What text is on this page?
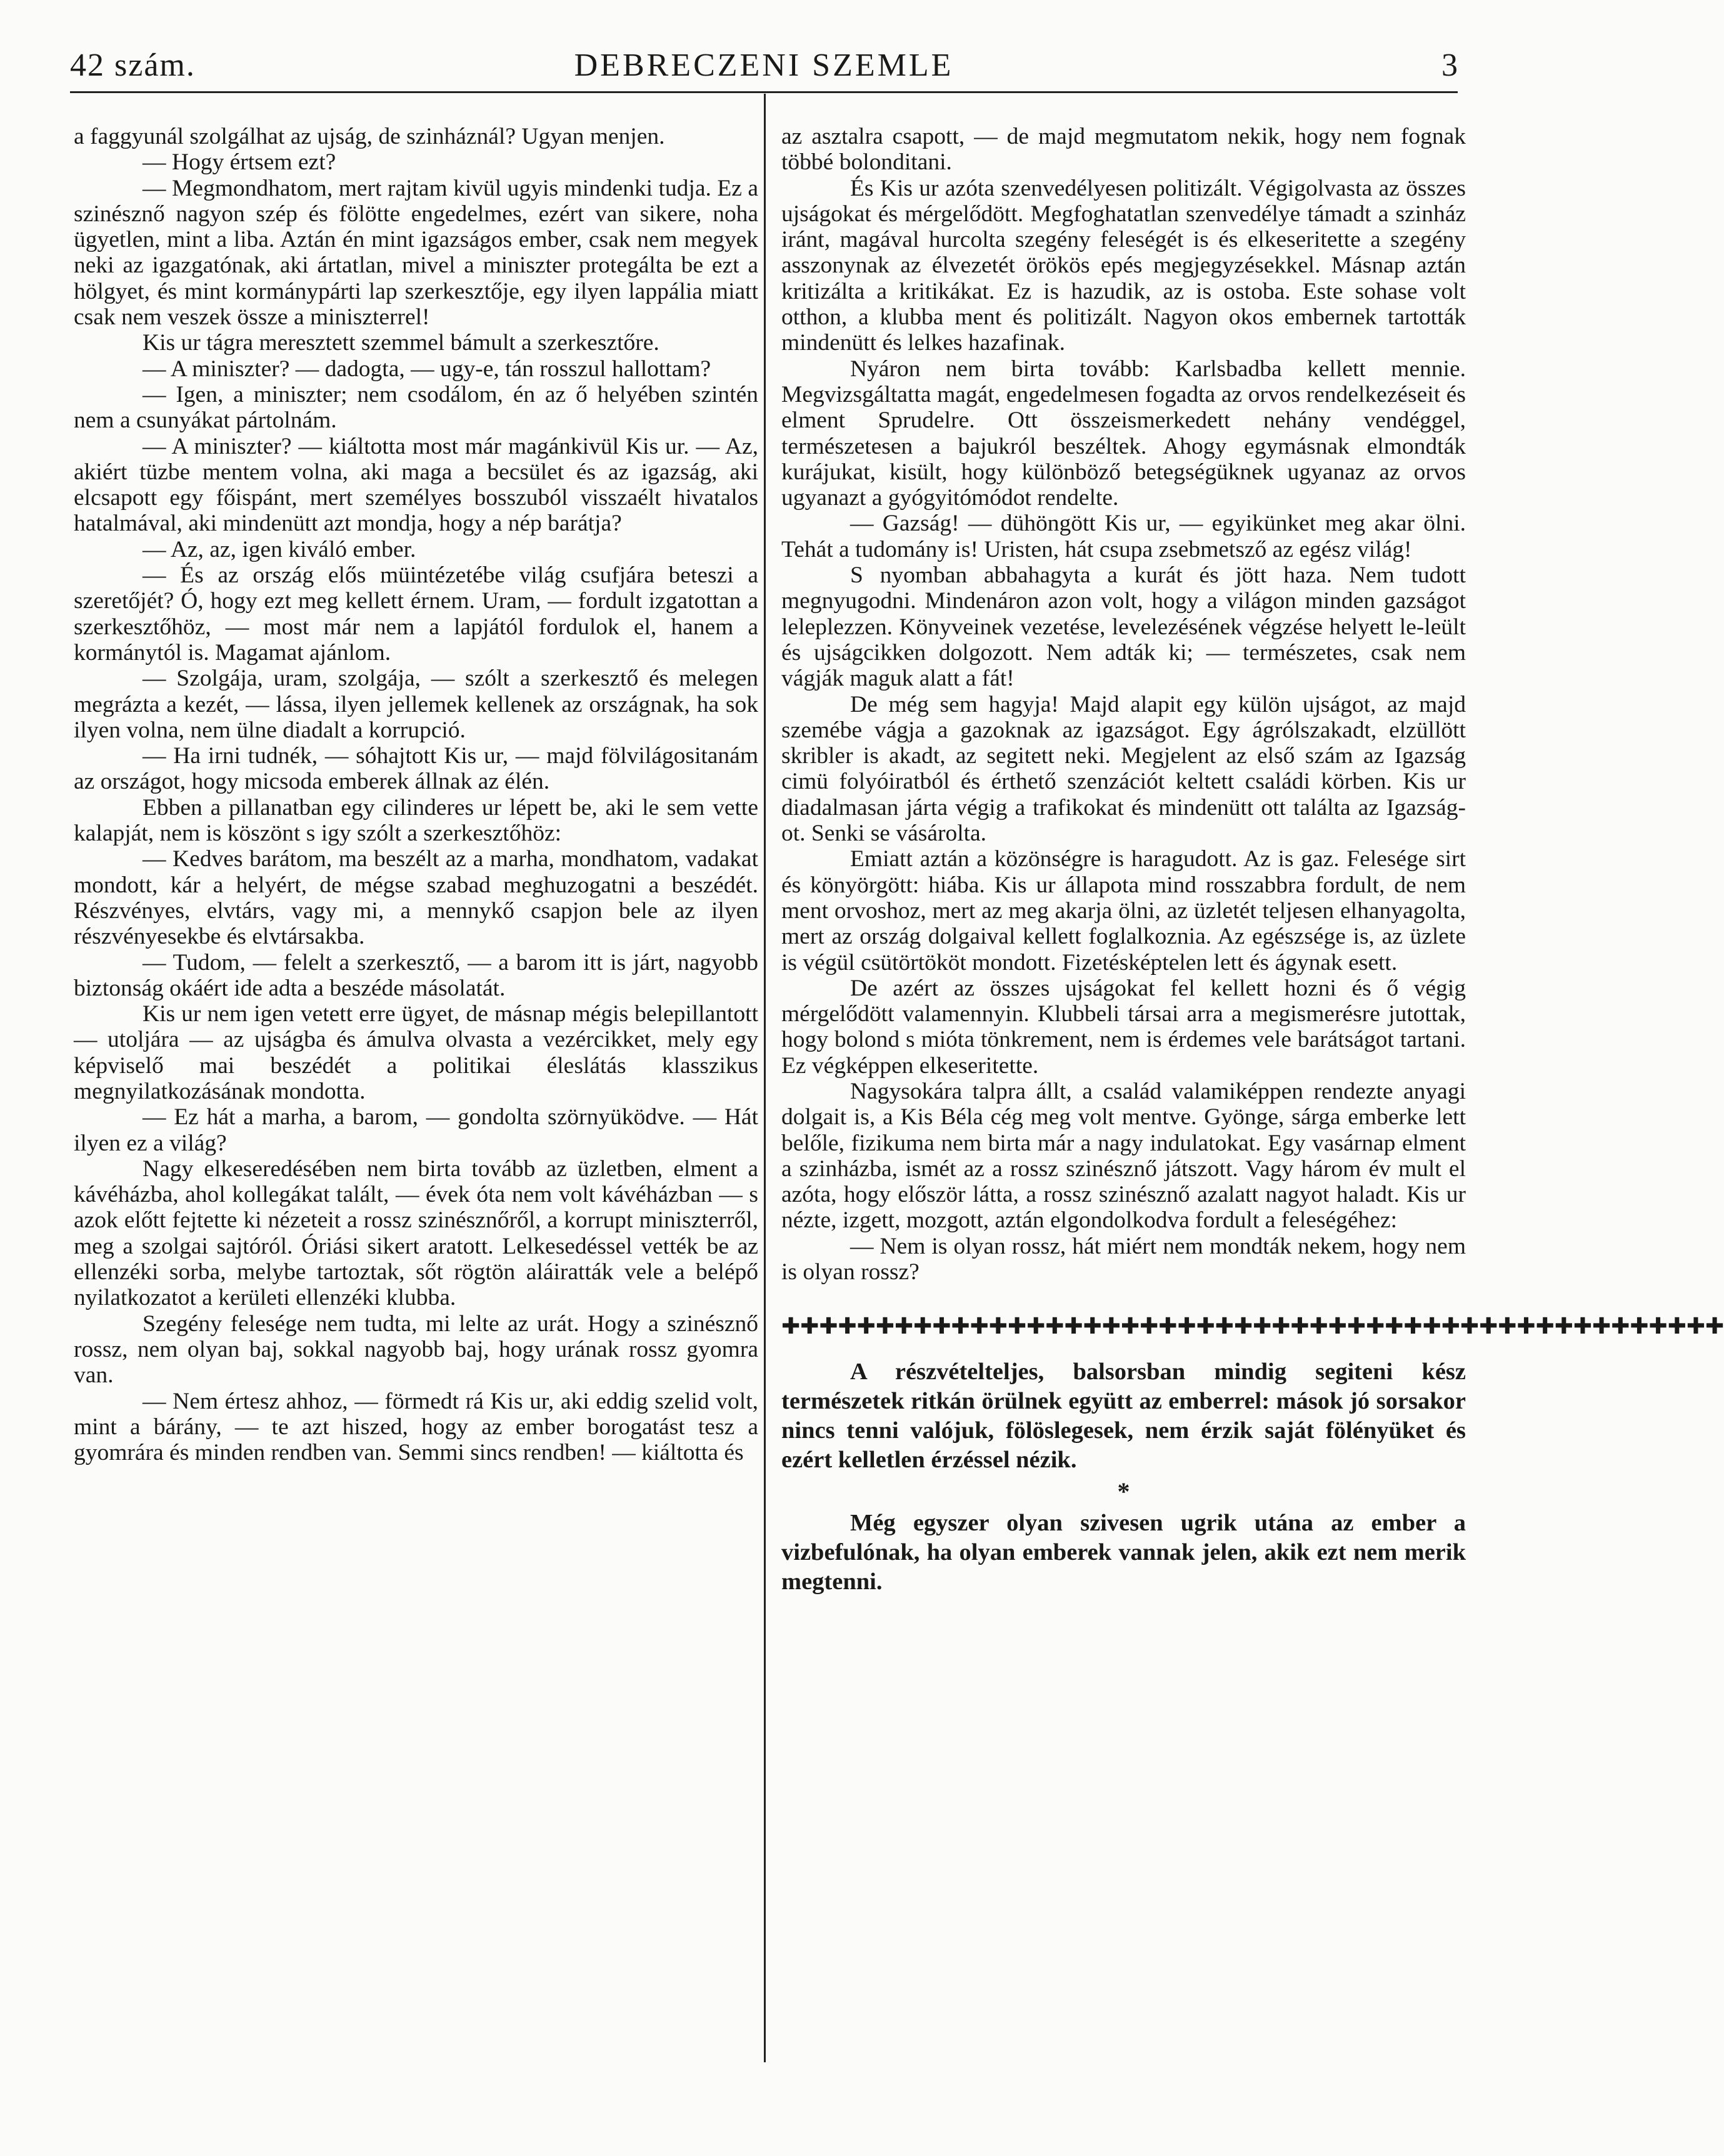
42 szám.	DEBRECZENI SZEMLE	3

a faggyunál szolgálhat az ujság, de szinháznál? Ugyan menjen.

— Hogy értsem ezt?

— Megmondhatom, mert rajtam kivül ugyis mindenki tudja. Ez a szinésznő nagyon szép és fölötte engedelmes, ezért van sikere, noha ügyetlen, mint a liba. Aztán én mint igazságos ember, csak nem megyek neki az igazgatónak, aki ártatlan, mivel a miniszter protegálta be ezt a hölgyet, és mint kormánypárti lap szerkesztője, egy ilyen lappália miatt csak nem veszek össze a miniszterrel!

Kis ur tágra meresztett szemmel bámult a szerkesztőre.

— A miniszter? — dadogta, — ugy-e, tán rosszul hallottam?

— Igen, a miniszter; nem csodálom, én az ő helyében szintén nem a csunyákat pártolnám.

— A miniszter? — kiáltotta most már magánkivül Kis ur. — Az, akiért tüzbe mentem volna, aki maga a becsület és az igazság, aki elcsapott egy főispánt, mert személyes bosszuból visszaélt hivatalos hatalmával, aki mindenütt azt mondja, hogy a nép barátja?

— Az, az, igen kiváló ember.

— És az ország elős müintézetébe világ csufjára beteszi a szeretőjét? Ó, hogy ezt meg kellett érnem. Uram, — fordult izgatottan a szerkesztőhöz, — most már nem a lapjától fordulok el, hanem a kormánytól is. Magamat ajánlom.

— Szolgája, uram, szolgája, — szólt a szerkesztő és melegen megrázta a kezét, — lássa, ilyen jellemek kellenek az országnak, ha sok ilyen volna, nem ülne diadalt a korrupció.

— Ha irni tudnék, — sóhajtott Kis ur, — majd fölvilágositanám az országot, hogy micsoda emberek állnak az élén.

Ebben a pillanatban egy cilinderes ur lépett be, aki le sem vette kalapját, nem is köszönt s igy szólt a szerkesztőhöz:

— Kedves barátom, ma beszélt az a marha, mondhatom, vadakat mondott, kár a helyért, de mégse szabad meghuzogatni a beszédét. Részvényes, elvtárs, vagy mi, a mennykő csapjon bele az ilyen részvényesekbe és elvtársakba.

— Tudom, — felelt a szerkesztő, — a barom itt is járt, nagyobb biztonság okáért ide adta a beszéde másolatát.

Kis ur nem igen vetett erre ügyet, de másnap mégis belepillantott — utoljára — az ujságba és ámulva olvasta a vezércikket, mely egy képviselő mai beszédét a politikai éleslátás klasszikus megnyilatkozásának mondotta.

— Ez hát a marha, a barom, — gondolta szörnyüködve. — Hát ilyen ez a világ?

Nagy elkeseredésében nem birta tovább az üzletben, elment a kávéházba, ahol kollegákat talált, — évek óta nem volt kávéházban — s azok előtt fejtette ki nézeteit a rossz szinésznőről, a korrupt miniszterről, meg a szolgai sajtóról. Óriási sikert aratott. Lelkesedéssel vették be az ellenzéki sorba, melybe tartoztak, sőt rögtön aláiratták vele a belépő nyilatkozatot a kerületi ellenzéki klubba.

Szegény felesége nem tudta, mi lelte az urát. Hogy a szinésznő rossz, nem olyan baj, sokkal nagyobb baj, hogy urának rossz gyomra van.

— Nem értesz ahhoz, — förmedt rá Kis ur, aki eddig szelid volt, mint a bárány, — te azt hiszed, hogy az ember borogatást tesz a gyomrára és minden rendben van. Semmi sincs rendben! — kiáltotta és

az asztalra csapott, — de majd megmutatom nekik, hogy nem fognak többé bolonditani.

És Kis ur azóta szenvedélyesen politizált. Végigolvasta az összes ujságokat és mérgelődött. Megfoghatatlan szenvedélye támadt a szinház iránt, magával hurcolta szegény feleségét is és elkeseritette a szegény asszonynak az élvezetét örökös epés megjegyzésekkel. Másnap aztán kritizálta a kritikákat. Ez is hazudik, az is ostoba. Este sohase volt otthon, a klubba ment és politizált. Nagyon okos embernek tartották mindenütt és lelkes hazafinak.

Nyáron nem birta tovább: Karlsbadba kellett mennie. Megvizsgáltatta magát, engedelmesen fogadta az orvos rendelkezéseit és elment Sprudelre. Ott összeismerkedett nehány vendéggel, természetesen a bajukról beszéltek. Ahogy egymásnak elmondták kurájukat, kisült, hogy különböző betegségüknek ugyanaz az orvos ugyanazt a gyógyitómódot rendelte.

— Gazság! — dühöngött Kis ur, — egyikünket meg akar ölni. Tehát a tudomány is! Uristen, hát csupa zsebmetsző az egész világ!

S nyomban abbahagyta a kurát és jött haza. Nem tudott megnyugodni. Mindenáron azon volt, hogy a világon minden gazságot leleplezzen. Könyveinek vezetése, levelezésének végzése helyett le-leült és ujságcikken dolgozott. Nem adták ki; — természetes, csak nem vágják maguk alatt a fát!

De még sem hagyja! Majd alapit egy külön ujságot, az majd szemébe vágja a gazoknak az igazságot. Egy ágrólszakadt, elzüllött skribler is akadt, az segitett neki. Megjelent az első szám az Igazság cimü folyóiratból és érthető szenzációt keltett családi körben. Kis ur diadalmasan járta végig a trafikokat és mindenütt ott találta az Igazság-ot. Senki se vásárolta.

Emiatt aztán a közönségre is haragudott. Az is gaz. Felesége sirt és könyörgött: hiába. Kis ur állapota mind rosszabbra fordult, de nem ment orvoshoz, mert az meg akarja ölni, az üzletét teljesen elhanyagolta, mert az ország dolgaival kellett foglalkoznia. Az egészsége is, az üzlete is végül csütörtököt mondott. Fizetésképtelen lett és ágynak esett.

De azért az összes ujságokat fel kellett hozni és ő végig mérgelődött valamennyin. Klubbeli társai arra a megismerésre jutottak, hogy bolond s mióta tönkrement, nem is érdemes vele barátságot tartani. Ez végképpen elkeseritette.

Nagysokára talpra állt, a család valamiképpen rendezte anyagi dolgait is, a Kis Béla cég meg volt mentve. Gyönge, sárga emberke lett belőle, fizikuma nem birta már a nagy indulatokat. Egy vasárnap elment a szinházba, ismét az a rossz szinésznő játszott. Vagy három év mult el azóta, hogy először látta, a rossz szinésznő azalatt nagyot haladt. Kis ur nézte, izgett, mozgott, aztán elgondolkodva fordult a feleségéhez:

— Nem is olyan rossz, hát miért nem mondták nekem, hogy nem is olyan rossz?

✚✚✚✚✚✚✚✚✚✚✚✚✚✚✚✚✚✚✚✚✚✚✚✚✚✚✚✚✚✚✚✚✚✚✚✚✚✚✚✚✚✚✚✚✚✚✚✚✚✚

A részvételteljes, balsorsban mindig segiteni kész természetek ritkán örülnek együtt az emberrel: mások jó sorsakor nincs tenni valójuk, fölöslegesek, nem érzik saját fölényüket és ezért kelletlen érzéssel nézik.

*

Még egyszer olyan szivesen ugrik utána az ember a vizbefulónak, ha olyan emberek vannak jelen, akik ezt nem merik megtenni.
